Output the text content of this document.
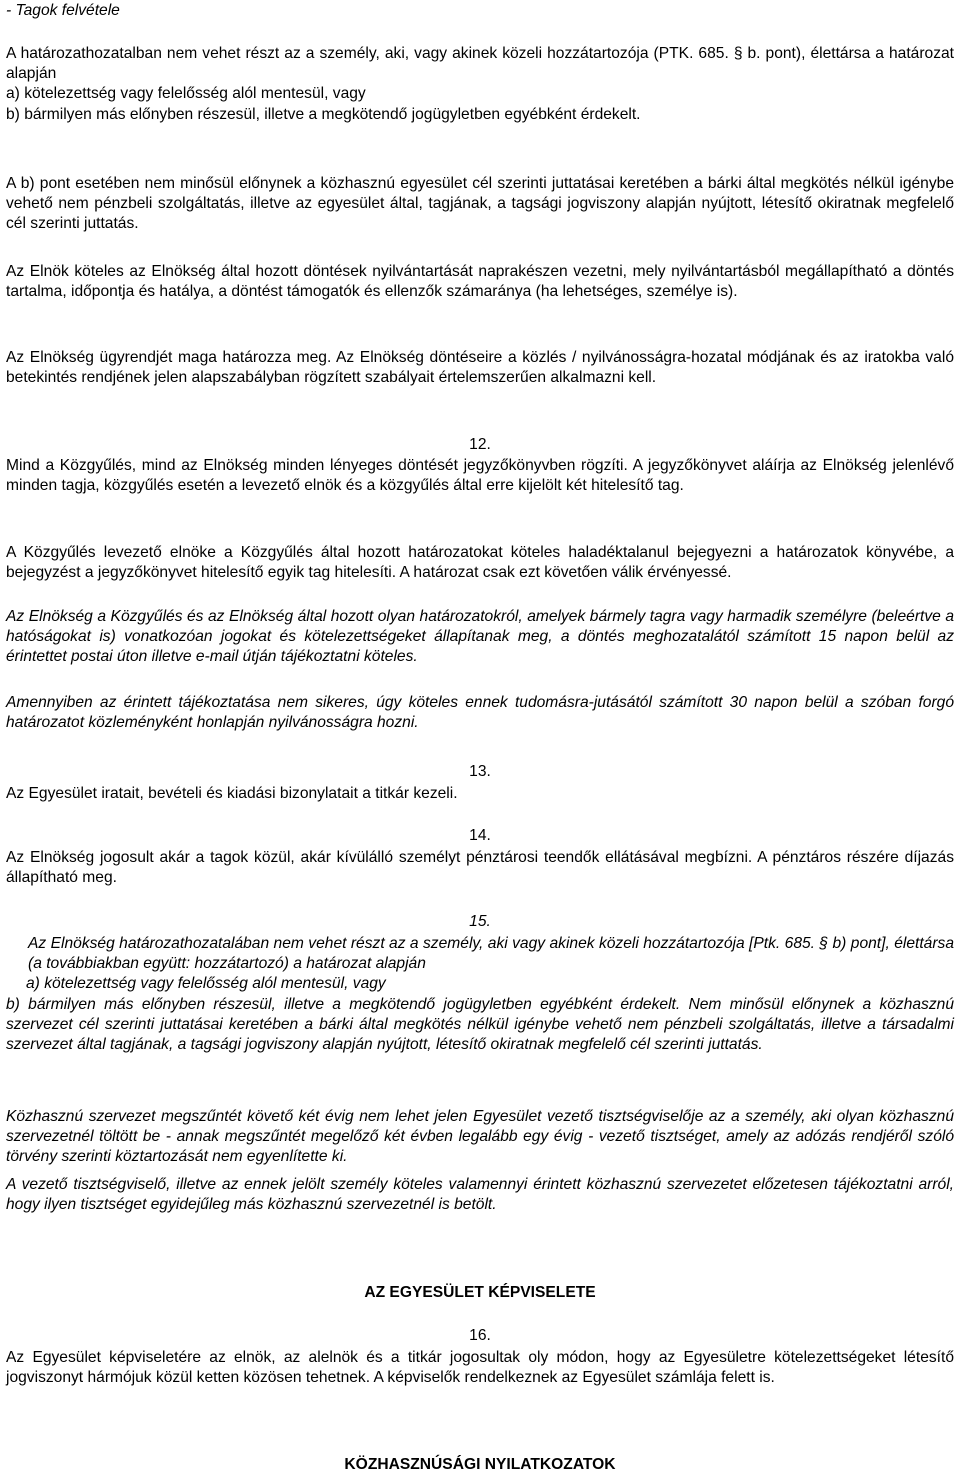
- Tagok felvétele

A határozathozatalban nem vehet részt az a személy, aki, vagy akinek közeli hozzátartozója (PTK. 685. § b. pont), élettársa a határozat alapján

a) kötelezettség vagy felelősség alól mentesül, vagy

b) bármilyen más előnyben részesül, illetve a megkötendő jogügyletben egyébként érdekelt.

A b) pont esetében nem minősül előnynek a közhasznú egyesület cél szerinti juttatásai keretében a bárki által megkötés nélkül igénybe vehető nem pénzbeli szolgáltatás, illetve az egyesület által, tagjának, a tagsági jogviszony alapján nyújtott, létesítő okiratnak megfelelő cél szerinti juttatás.

Az Elnök köteles az Elnökség által hozott döntések nyilvántartását naprakészen vezetni, mely nyilvántartásból megállapítható a döntés tartalma, időpontja és hatálya, a döntést támogatók és ellenzők számaránya (ha lehetséges, személye is).

Az Elnökség ügyrendjét maga határozza meg. Az Elnökség döntéseire a közlés / nyilvánosságra-hozatal módjának és az iratokba való betekintés rendjének jelen alapszabályban rögzített szabályait értelemszerűen alkalmazni kell.

12.

Mind a Közgyűlés, mind az Elnökség minden lényeges döntését jegyzőkönyvben rögzíti. A jegyzőkönyvet aláírja az Elnökség jelenlévő minden tagja, közgyűlés esetén a levezető elnök és a közgyűlés által erre kijelölt két hitelesítő tag.

A Közgyűlés levezető elnöke a Közgyűlés által hozott határozatokat köteles haladéktalanul bejegyezni a határozatok könyvébe, a bejegyzést a jegyzőkönyvet hitelesítő egyik tag hitelesíti. A határozat csak ezt követően válik érvényessé.

Az Elnökség a Közgyűlés és az Elnökség által hozott olyan határozatokról, amelyek bármely tagra vagy harmadik személyre (beleértve a hatóságokat is) vonatkozóan jogokat és kötelezettségeket állapítanak meg, a döntés meghozatalától számított 15 napon belül az érintettet postai úton illetve e-mail útján tájékoztatni köteles.

Amennyiben az érintett tájékoztatása nem sikeres, úgy köteles ennek tudomásra-jutásától számított 30 napon belül a szóban forgó határozatot közleményként honlapján nyilvánosságra hozni.

13.

Az Egyesület iratait, bevételi és kiadási bizonylatait a titkár kezeli.

14.

Az Elnökség jogosult akár a tagok közül, akár kívülálló személyt pénztárosi teendők ellátásával megbízni. A pénztáros részére díjazás állapítható meg.

15.

Az Elnökség határozathozatalában nem vehet részt az a személy, aki vagy akinek közeli hozzátartozója [Ptk. 685. § b) pont], élettársa (a továbbiakban együtt: hozzátartozó) a határozat alapján

a) kötelezettség vagy felelősség alól mentesül, vagy

b) bármilyen más előnyben részesül, illetve a megkötendő jogügyletben egyébként érdekelt. Nem minősül előnynek a közhasznú szervezet cél szerinti juttatásai keretében a bárki által megkötés nélkül igénybe vehető nem pénzbeli szolgáltatás, illetve a társadalmi szervezet által tagjának, a tagsági jogviszony alapján nyújtott, létesítő okiratnak megfelelő cél szerinti juttatás.

Közhasznú szervezet megszűntét követő két évig nem lehet jelen Egyesület vezető tisztségviselője az a személy, aki olyan közhasznú szervezetnél töltött be - annak megszűntét megelőző két évben legalább egy évig - vezető tisztséget, amely az adózás rendjéről szóló törvény szerinti köztartozását nem egyenlítette ki.

A vezető tisztségviselő, illetve az ennek jelölt személy köteles valamennyi érintett közhasznú szervezetet előzetesen tájékoztatni arról, hogy ilyen tisztséget egyidejűleg más közhasznú szervezetnél is betölt.

AZ EGYESÜLET KÉPVISELETE

16.

Az Egyesület képviseletére az elnök, az alelnök és a titkár jogosultak oly módon, hogy az Egyesületre kötelezettségeket létesítő jogviszonyt hármójuk közül ketten közösen tehetnek. A képviselők rendelkeznek az Egyesület számlája felett is.

KÖZHASZNÚSÁGI NYILATKOZATOK
